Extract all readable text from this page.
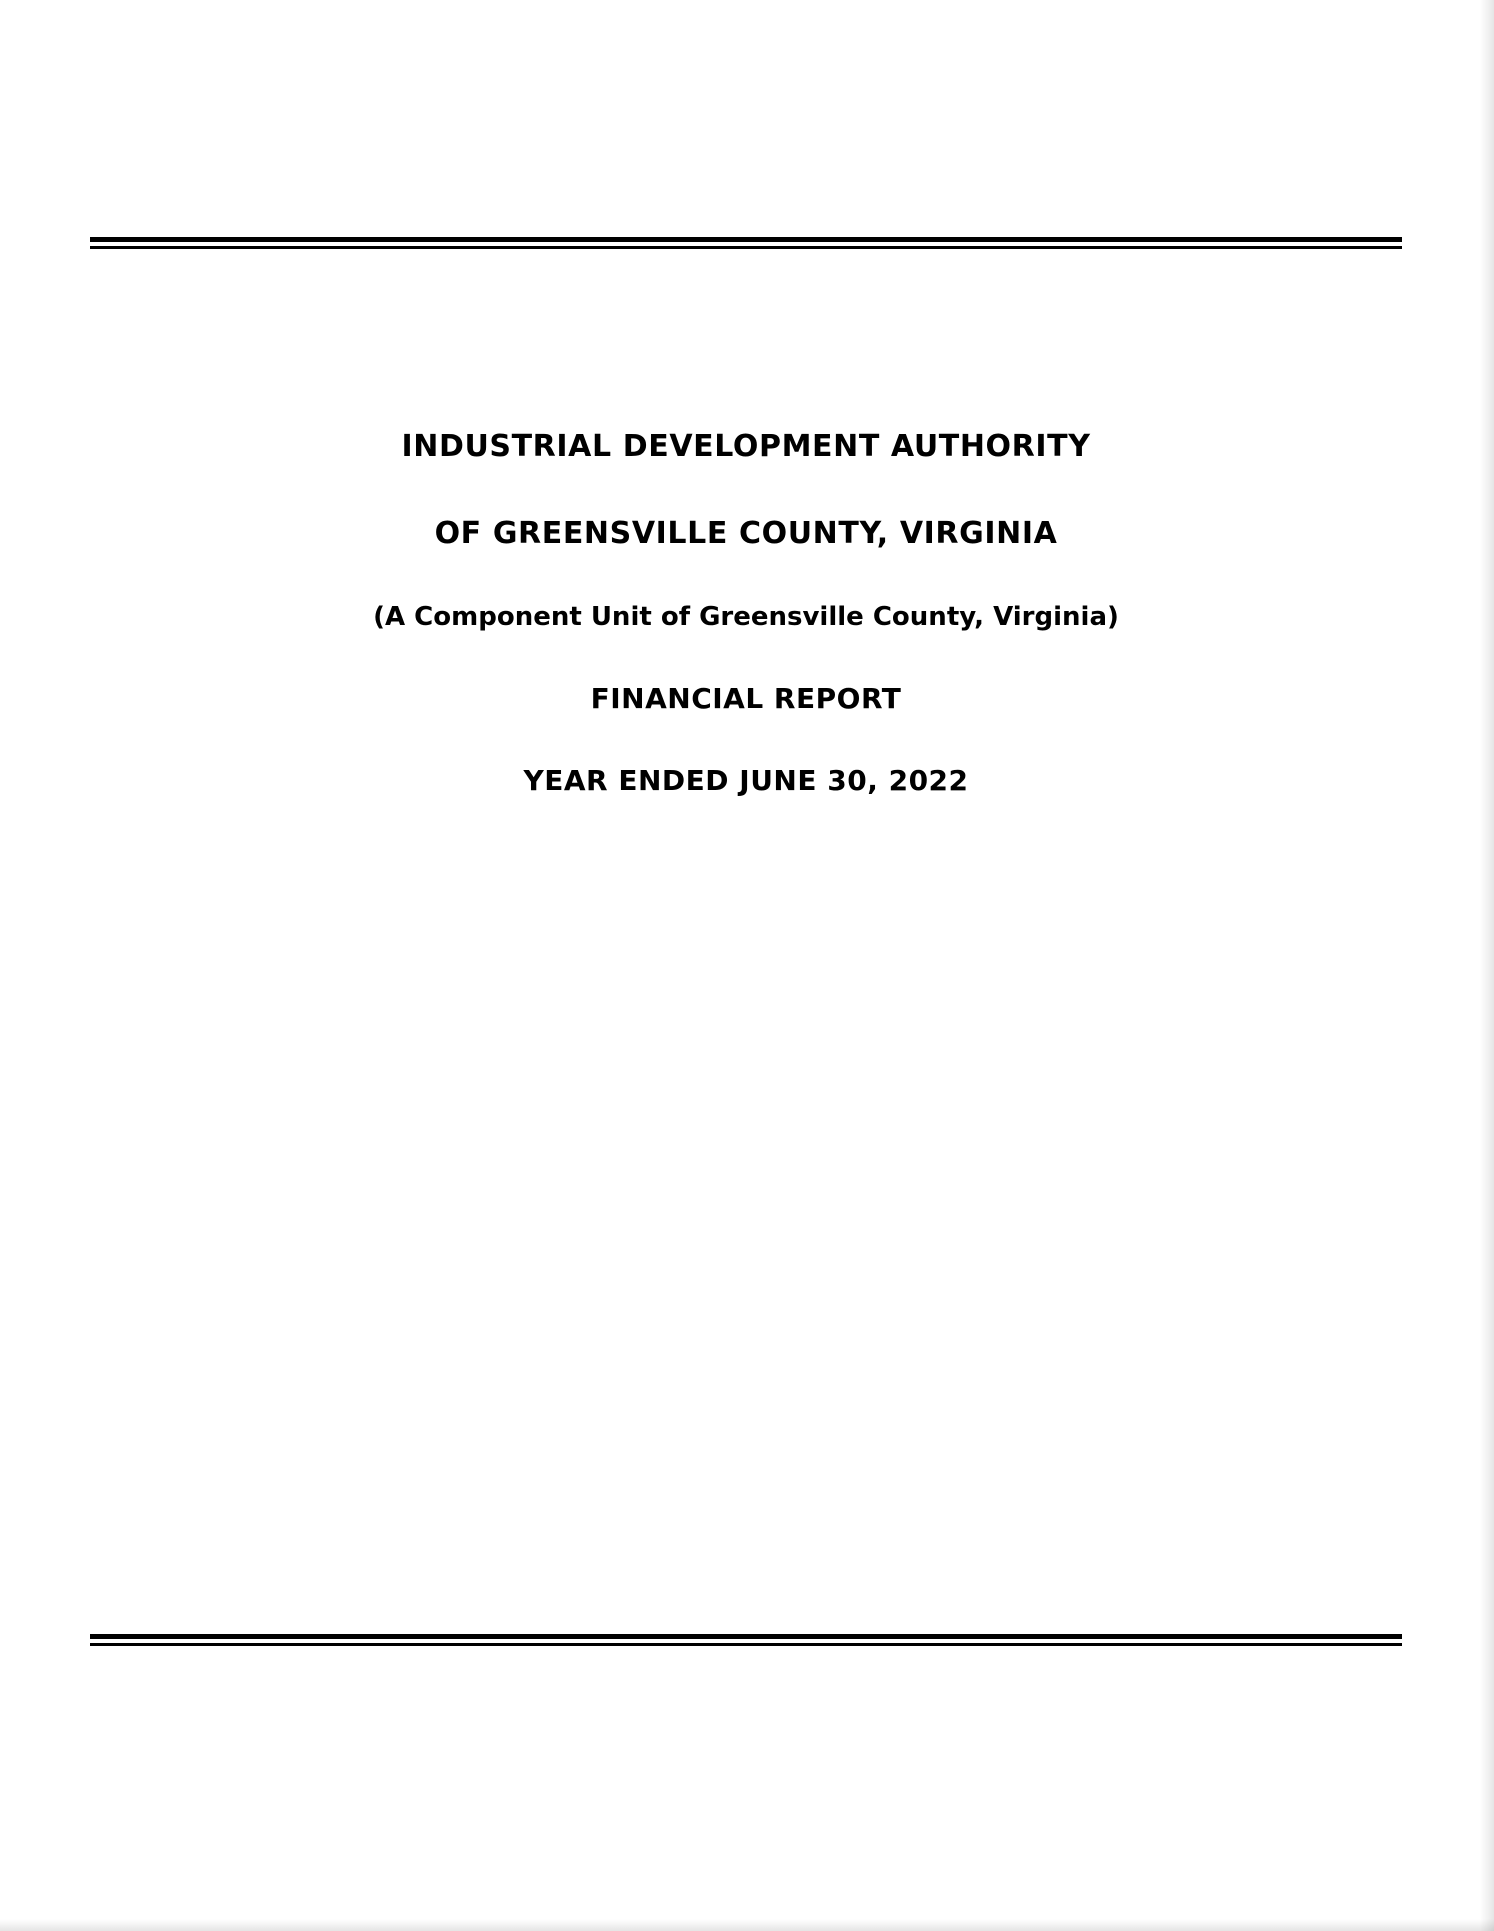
INDUSTRIAL DEVELOPMENT AUTHORITY
OF GREENSVILLE COUNTY, VIRGINIA
(A Component Unit of Greensville County, Virginia)
FINANCIAL REPORT
YEAR ENDED JUNE 30, 2022
